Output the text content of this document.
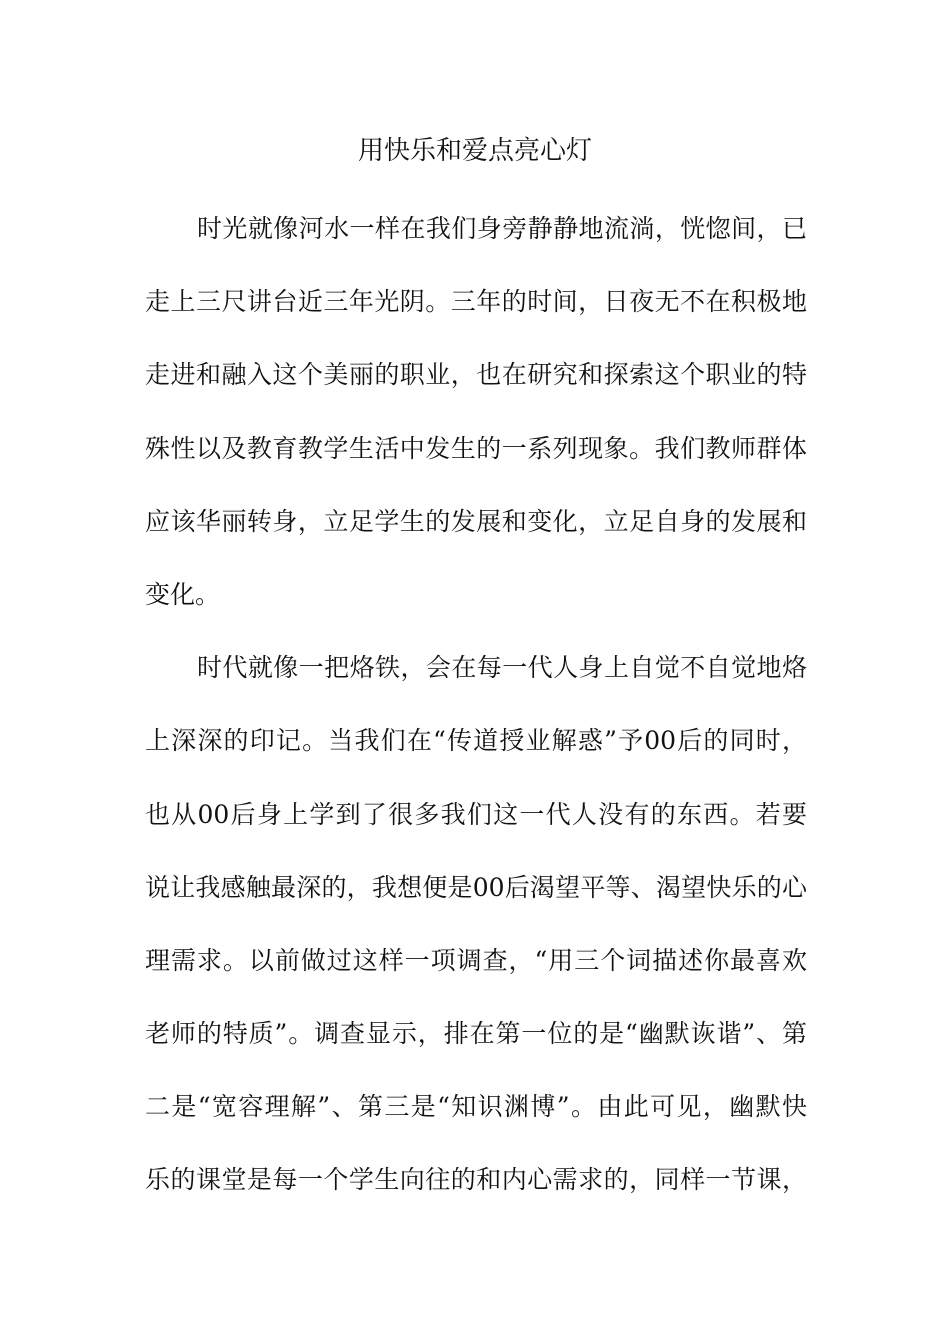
用快乐和爱点亮心灯
时光就像河水一样在我们身旁静静地流淌，恍惚间，已
走上三尺讲台近三年光阴。三年的时间，日夜无不在积极地
走进和融入这个美丽的职业，也在研究和探索这个职业的特
殊性以及教育教学生活中发生的一系列现象。我们教师群体
应该华丽转身，立足学生的发展和变化，立足自身的发展和
变化。
时代就像一把烙铁，会在每一代人身上自觉不自觉地烙
上深深的印记。当我们在“传道授业解惑”予00后的同时，
也从00后身上学到了很多我们这一代人没有的东西。若要
说让我感触最深的，我想便是00后渴望平等、渴望快乐的心
理需求。以前做过这样一项调查，“用三个词描述你最喜欢
老师的特质”。调查显示，排在第一位的是“幽默诙谐”、第
二是“宽容理解”、第三是“知识渊博”。由此可见，幽默快
乐的课堂是每一个学生向往的和内心需求的，同样一节课，
